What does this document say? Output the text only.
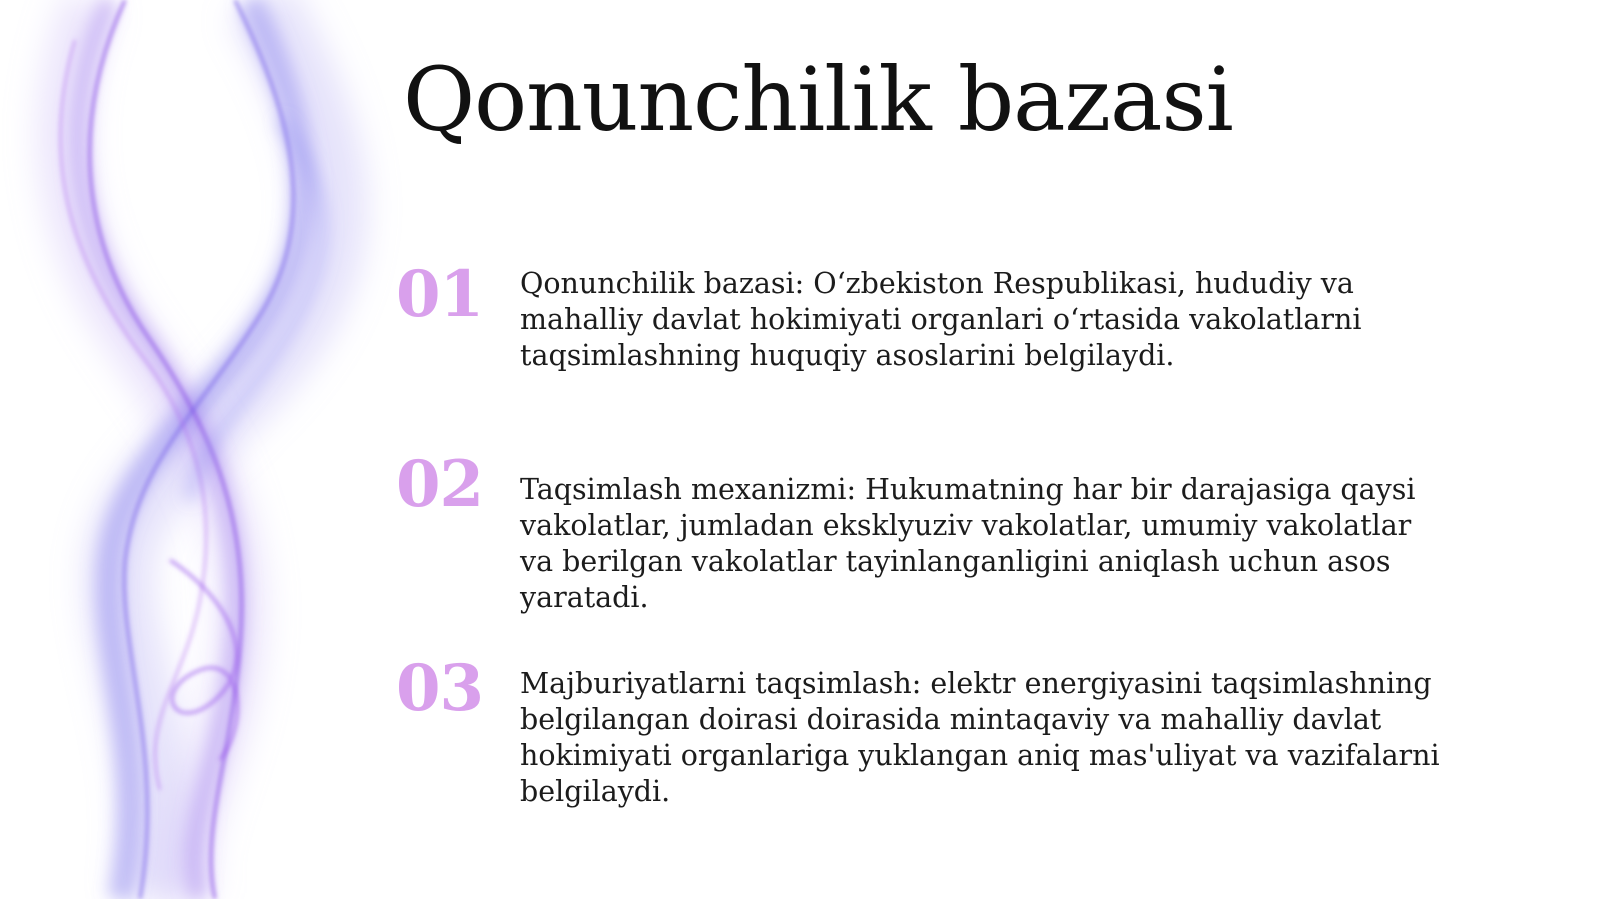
Qonunchilik bazasi
01 Qonunchilik bazasi: O‘zbekiston Respublikasi, hududiy va mahalliy davlat hokimiyati organlari o‘rtasida vakolatlarni taqsimlashning huquqiy asoslarini belgilaydi.

02 Taqsimlash mexanizmi: Hukumatning har bir darajasiga qaysi vakolatlar, jumladan eksklyuziv vakolatlar, umumiy vakolatlar va berilgan vakolatlar tayinlanganligini aniqlash uchun asos yaratadi.

03 Majburiyatlarni taqsimlash: elektr energiyasini taqsimlashning belgilangan doirasi doirasida mintaqaviy va mahalliy davlat hokimiyati organlariga yuklangan aniq mas'uliyat va vazifalarni belgilaydi.
